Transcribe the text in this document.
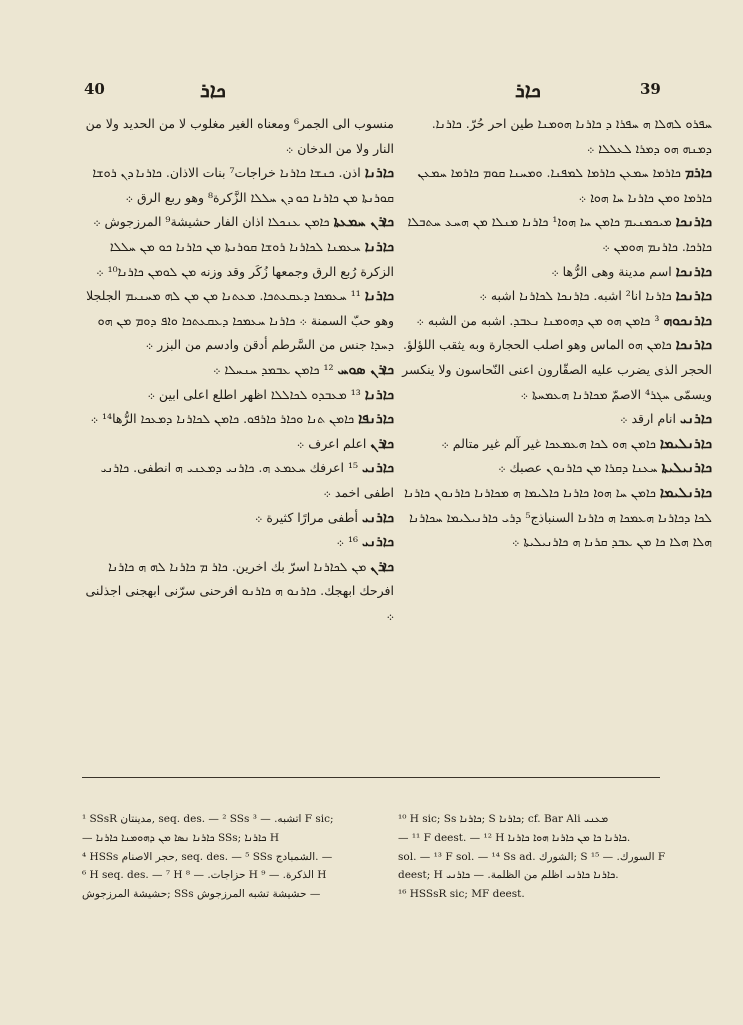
40	ܟܐܪ	ܟܐܪ	39

منسوب الى الجمر⁶ ومعناه الغير مغلوب لا من الحديد ولا من النار ولا من الدخان ܀

ܟܐܪܢܐ اذن. ܟܢܫܐ ܟܐܪܢܐ خراجات⁷ بنات الاذان. ܟܐܪܢܐ ܕܢ ܪܘܫܐ ܩܘܪܢܬܐ ܡܢ ܟܐܪܢܐ ܟܘ ܕܢ ܚܠܠܐ الزَّكرة⁸ وهو ربع الرق ܀

ܟܐܪܢ ܚܡܥܬܐ ܟܐܡܢ ܥܢܟܠܐ اذان الفار حشيشة⁹ المرزجوش ܀

ܟܐܪܢܐ ܚܥܡܢܐ ܠܟܐܪܢܐ ܪܘܫܐ ܩܘܪܢܬܐ ܡܢ ܟܐܪܢܐ ܟܘ ܡܢ ܚܠܠܐ الزكرة رُبع الرق وجمعها زُكَر وقد وزنه ܡܢ ܠܘܡܢ ܟܐܪܢܐ¹⁰ ܀

ܟܐܪܢܐ ¹¹ ܚܥܡܟܐ ܕܥܩܥܬܟܐ. ܡܥܬܢܐ ܡܢ ܡܢ ܠܗ ܡܚܢܝܡ الجلجلا وهو حبّ السمنة ܀ ܟܐܪܢܐ ܚܥܡܟܐ ܕܥܩܥܬܟܐ ܘܐܦ ܕܘܡ ܡܢ ܗܘ ܕܚܕܐ جنس من السَّرطم أدقن وادسم من البزر ܀

ܟܐܪܢ ܣܘܚ ¹² ܟܐܡܢ ܥܒܡܕ ܚܢܚܠܐ ܀

ܟܐܪܢܐ ¹³ ܡܥܒܕܘ ܠܟܐܠܠܐ اظهر اطلع اعلى ابين ܀

ܟܐܪܢܦܐ ܟܐܡܢ ܬܢܐ ܘܟܐܪ ܟܐܪܦܘ. ܟܐܡܢ ܠܟܐܪܢܐ ܕܡܥܟܐ الرُّها¹⁴ ܀

ܟܐܪܢ اعلم اعرف ܀

ܟܐܪܢܝ ¹⁵ اعرفك ܚܥܡܥ ܗ. ܟܐܪܢܝ ܕܡܥܢܝ ܗ انطفى. ܟܐܪܢܝ اطفى اخمد ܀

ܟܐܪܢܝ أطفى مرارًا كثيرة ܀

ܟܐܪܢܝ ¹⁶ ܀

ܟܐܪܢ ܡܢ ܠܟܐܪܢܐ اسرّ بك اخرين. ܟܐܪ ܡ ܟܐܪܢܐ ܠܗ ܗ ܟܐܪܢܐ افرحك ابهجك. ܟܐܪܢܘ ܗ ܟܐܪܢܘ افرحنى سرّنى ابهجنى اجذلنى ܀

ܚܦܪܘ ܠܗܠܐ ܗ ܚܦܪܐ ܕ ܟܐܪܢܐ ܗܘܡܢܐ طين احر حُرّ. ܟܐܪܢܐ. ܕܡܢܗ ܗܘ ܕܡܪܐ ܠܥܠܠܐ ܀

ܟܐܪܡ ܟܐܪܡܐ ܚܡܥܢ ܟܐܪܡܐ ܠܡܦܢܐ. ܘܡܚܢܐ ܩܘܡ ܟܐܪܡܐ ܚܡܥܢ ܟܐܪܡܐ ܘܡܢ ܟܐܪܢܐ ܚܐ ܗܘܐ ܀

ܟܐܪܢܟܐ ܡܝܟܡܢܝܡ ܟܐܡܢ ܚܐ ܗܘܐ¹ ܟܐܪܢܐ ܡܢܠܐ ܡܢ ܗܚܥ ܚܬܒܠܐ ܟܐܪܟܐ. ܟܐܪܢܡ ܗܘܡܢ ܀

ܟܐܪܢܟܐ اسم مدينة وهى الرُّها ܀

ܟܐܪܢܟܐ ܟܐܪܢܐ انا² اشبه. ܟܐܪܢܟܐ ܠܟܐܪܢܐ اشبه ܀

ܟܐܪܢܟܘܗ ³ ܟܐܡܢ ܗܘ ܡܢ ܕܗܘܡܢܐ ܢܥܒܕ. اشبه من الشبه ܀

ܟܐܪܢܟܐ ܟܐܡܢ ܗܘ الماس وهو اصلب الحجارة وبه يثقب اللؤلؤ. الحجر الذى يضرب عليه الصقّارون اعنى النّحاسون ولا ينكسر ويسمّى ܚܓܪ⁴ الاصمّ ܡܟܐܪܢܐ ܗܥܡܚܬܐ ܀

ܟܐܪܢܝ انام ارقد ܀

ܟܐܪܢܠܝܡܐ ܟܐܡܢ ܗܘ ܠܟܐ ܗܥܡܥܟܐ غير آلم غير متالم ܀

ܟܐܪܢܝܠܝܬܐ ܚܥܢܐ ܕܩܪܐ ܡܢ ܟܐܪܢܘܢ عصبك ܀

ܟܐܪܢܠܝܡܐ ܟܐܡܢ ܚܐ ܗܘܐ ܟܐܪܢܐ ܟܐܠܝܡܐ ܗ ܡܟܐܪܢܐ ܟܐܪܢܘܢ ܟܐܪܢܐ ܠܟܐ ܕܟܐܪܢܐ ܗܥܡܟܐ ܗ ܟܐܪܢܐ السنباذج⁵ ܕܪܝ ܟܐܪܢܝܠܝܡܐ ܚܟܐܪܢܐ ܗܠܐ ܗܠܐ ܟܐ ܡܢ ܥܒܕ ܩܪܢܐ ܗ ܟܐܪܢܝܠܝܬܐ ܀

¹ SSsR مدينتان, seq. des. — ² SSs اتشبه. — ³ F sic;

— ܟܐܪܢܐ ܢܣܐ ܡܢ ܕܗܘܡܢܐ ܟܐܪܢܐ SSs; ܟܐܪܢܐ H

⁴ HSSs حجر الاصنام, seq. des. — ⁵ SSs الشمبادج. —

⁶ H seq. des. — ⁷ H حزاجات. — ⁸ H الذكرة. — ⁹ H

حشيشة المرزجوش; SSs حشيشة تشبه المرزجوش —

¹⁰ H sic; Ss ܟܐܪܢܐ; S ܟܐܪܢܐ; cf. Bar Ali ܡܥܢܝ

— ¹¹ F deest. — ¹² H ܟܐܪܢܐ ܟܐ ܡܢ ܟܐܪܢܐ ܗܘܐ ܟܐܪܢܐ.

sol. — ¹³ F sol. — ¹⁴ Ss ad. الشورك; S السورك. — ¹⁵ F

deest; H ܟܐܪܢܐ ܟܐܪܢܝ اظلم من الظلمة. — ܟܐܪܢܝ.

¹⁶ HSSsR sic; MF deest.
